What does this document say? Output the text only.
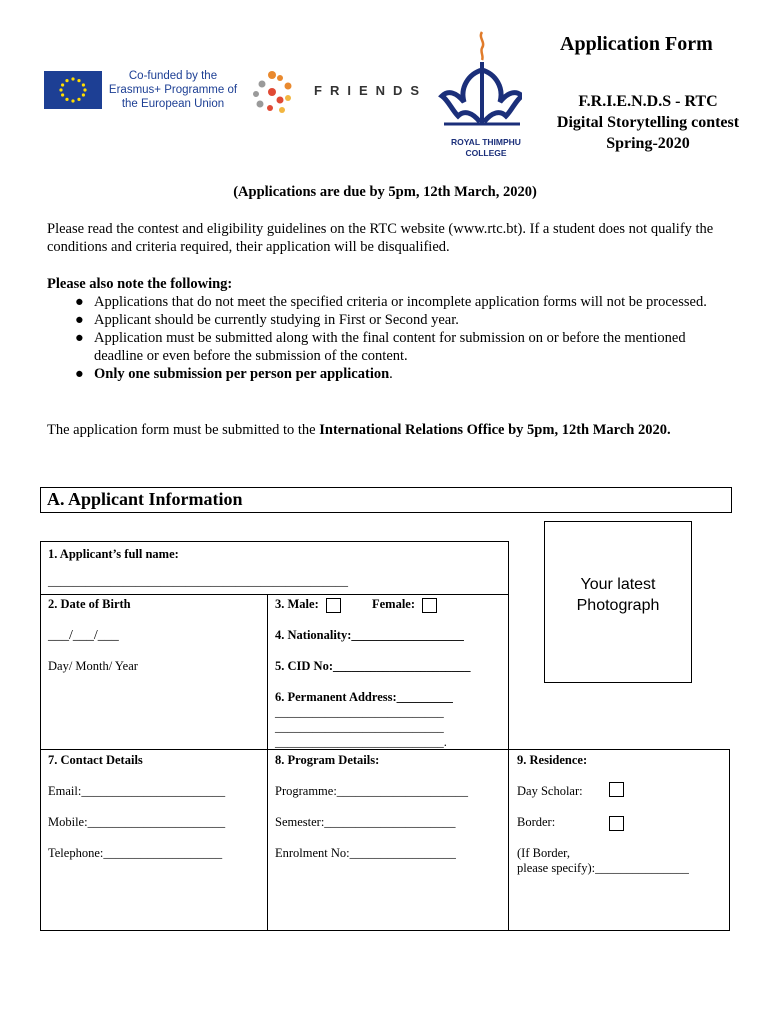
Co-funded by the Erasmus+ Programme of the European Union
FRIENDS
ROYAL THIMPHU COLLEGE
Application Form
F.R.I.E.N.D.S - RTC
Digital Storytelling contest
Spring-2020
(Applications are due by 5pm, 12th March, 2020)
Please read the contest and eligibility guidelines on the RTC website (www.rtc.bt). If a student does not qualify the conditions and criteria required, their application will be disqualified.
Please also note the following:
● Applications that do not meet the specified criteria or incomplete application forms will not be processed.
● Applicant should be currently studying in First or Second year.
● Application must be submitted along with the final content for submission on or before the mentioned deadline or even before the submission of the content.
● Only one submission per person per application.
The application form must be submitted to the International Relations Office by 5pm, 12th March 2020.
A. Applicant Information
Your latest Photograph
1. Applicant’s full name:
________________________________________________
2. Date of Birth
___/___/___
Day/ Month/ Year
3. Male:	Female:
4. Nationality:__________________
5. CID No:______________________
6. Permanent Address:_________
___________________________
___________________________
___________________________.
7. Contact Details
Email:_______________________
Mobile:______________________
Telephone:___________________
8. Program Details:
Programme:_____________________
Semester:_____________________
Enrolment No:_________________
9. Residence:
Day Scholar:
Border:
(If Border,
please specify):_______________
